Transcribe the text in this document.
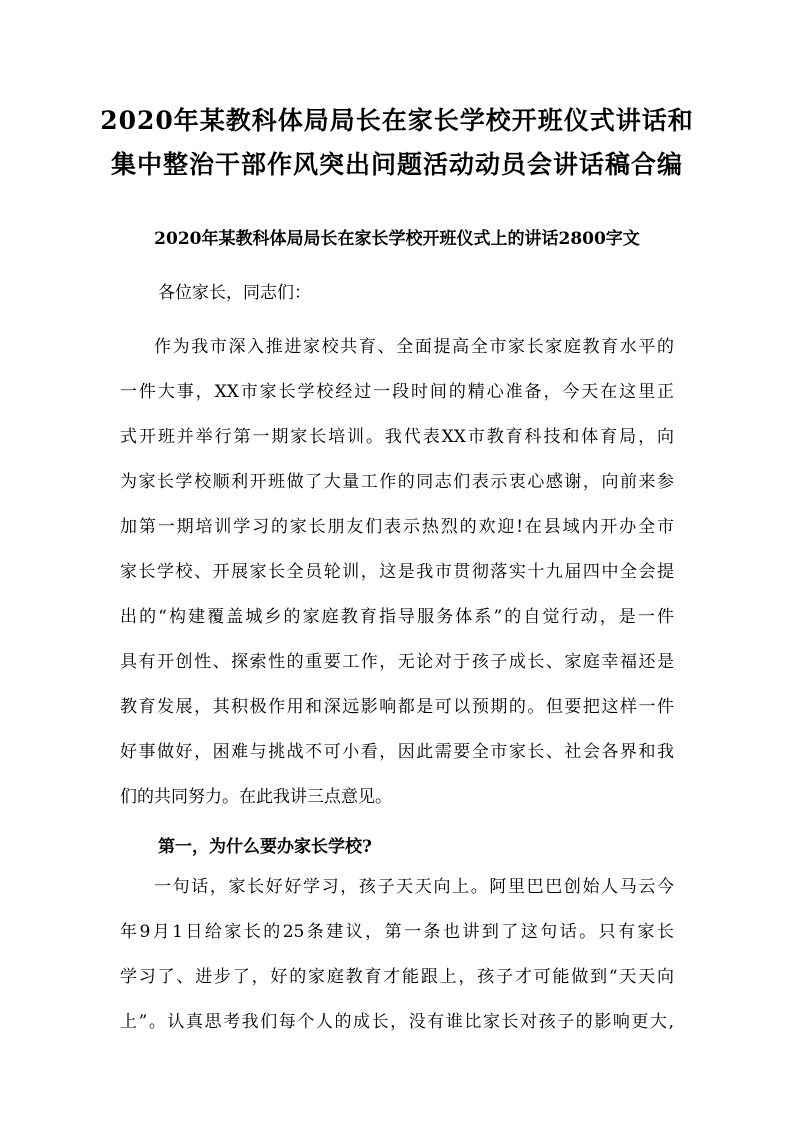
2020年某教科体局局长在家长学校开班仪式讲话和
集中整治干部作风突出问题活动动员会讲话稿合编
2020年某教科体局局长在家长学校开班仪式上的讲话2800字文
各位家长，同志们：
作为我市深入推进家校共育、全面提高全市家长家庭教育水平的
一件大事，XX市家长学校经过一段时间的精心准备，今天在这里正
式开班并举行第一期家长培训。我代表XX市教育科技和体育局，向
为家长学校顺利开班做了大量工作的同志们表示衷心感谢，向前来参
加第一期培训学习的家长朋友们表示热烈的欢迎!在县域内开办全市
家长学校、开展家长全员轮训，这是我市贯彻落实十九届四中全会提
出的“构建覆盖城乡的家庭教育指导服务体系”的自觉行动，是一件
具有开创性、探索性的重要工作，无论对于孩子成长、家庭幸福还是
教育发展，其积极作用和深远影响都是可以预期的。但要把这样一件
好事做好，困难与挑战不可小看，因此需要全市家长、社会各界和我
们的共同努力。在此我讲三点意见。
第一，为什么要办家长学校?
一句话，家长好好学习，孩子天天向上。阿里巴巴创始人马云今
年9月1日给家长的25条建议，第一条也讲到了这句话。只有家长
学习了、进步了，好的家庭教育才能跟上，孩子才可能做到“天天向
上”。认真思考我们每个人的成长，没有谁比家长对孩子的影响更大,
